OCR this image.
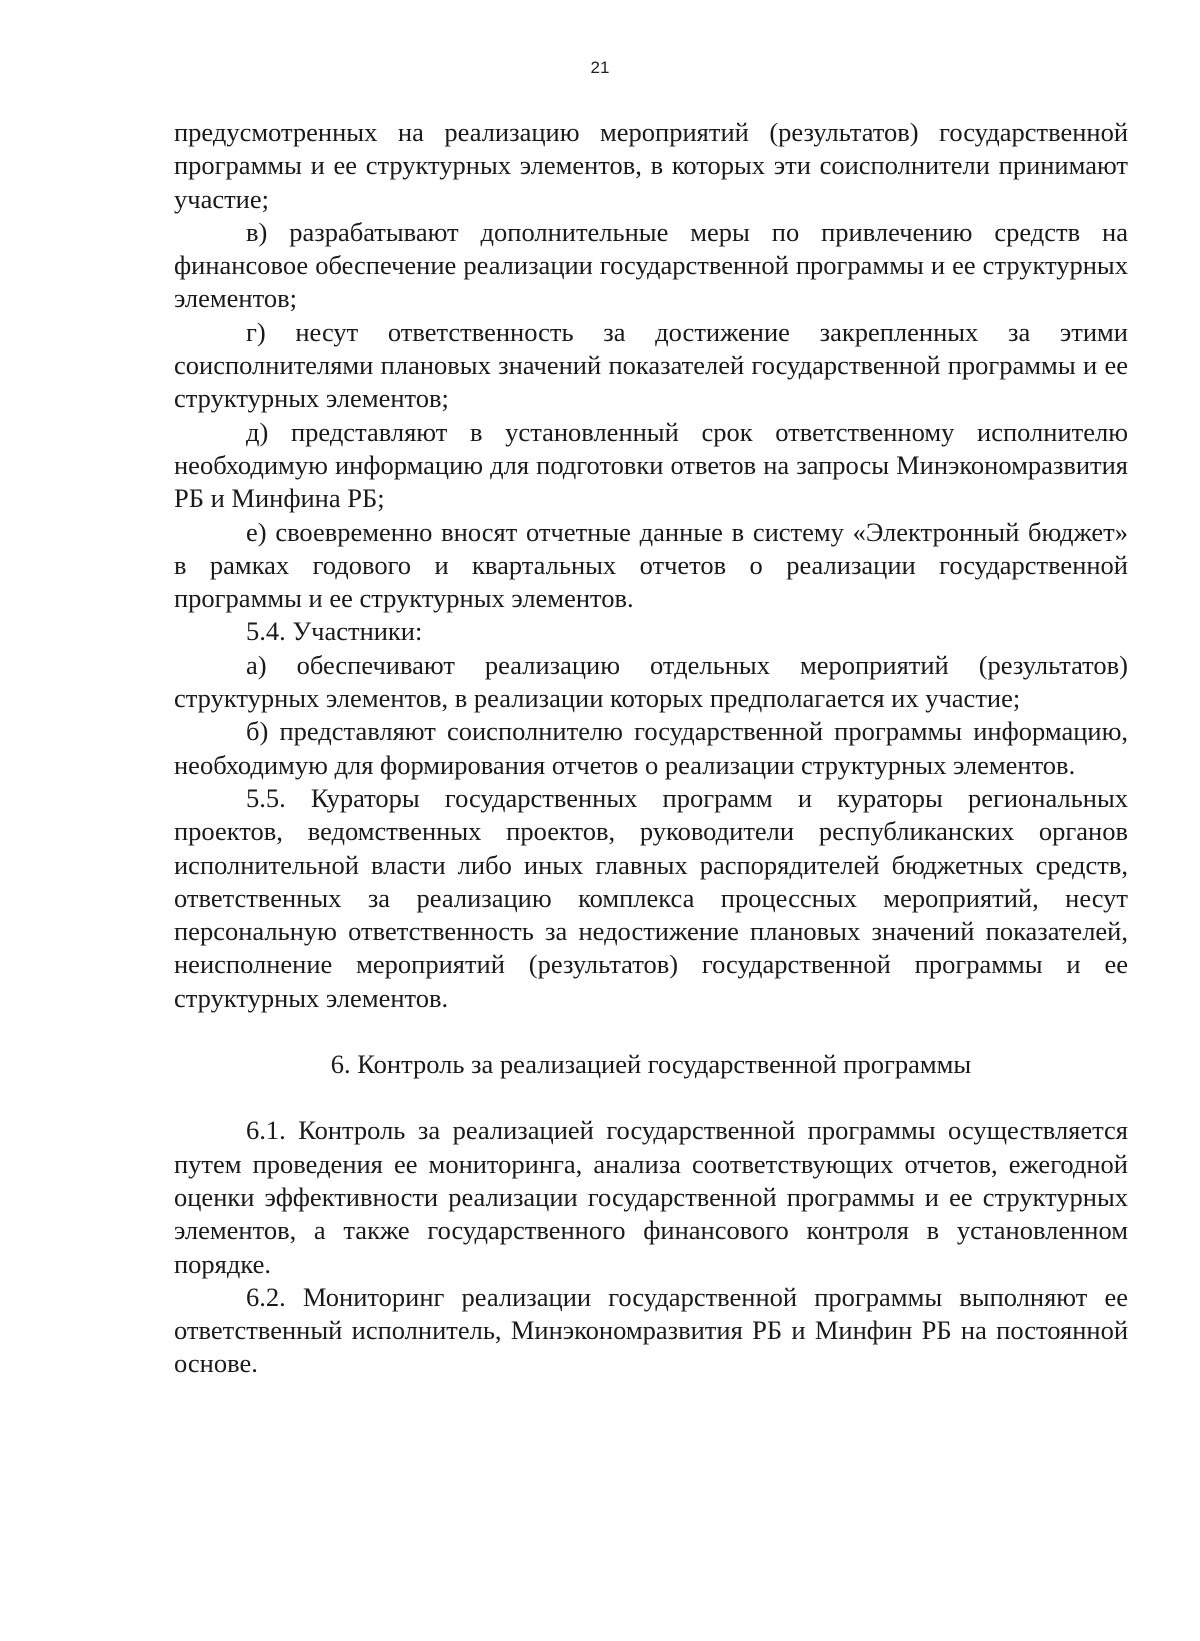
21

предусмотренных на реализацию мероприятий (результатов) государственной программы и ее структурных элементов, в которых эти соисполнители принимают участие;

в) разрабатывают дополнительные меры по привлечению средств на финансовое обеспечение реализации государственной программы и ее структурных элементов;

г) несут ответственность за достижение закрепленных за этими соисполнителями плановых значений показателей государственной программы и ее структурных элементов;

д) представляют в установленный срок ответственному исполнителю необходимую информацию для подготовки ответов на запросы Минэкономразвития РБ и Минфина РБ;

е) своевременно вносят отчетные данные в систему «Электронный бюджет» в рамках годового и квартальных отчетов о реализации государственной программы и ее структурных элементов.

5.4. Участники:

а) обеспечивают реализацию отдельных мероприятий (результатов) структурных элементов, в реализации которых предполагается их участие;

б) представляют соисполнителю государственной программы информацию, необходимую для формирования отчетов о реализации структурных элементов.

5.5. Кураторы государственных программ и кураторы региональных проектов, ведомственных проектов, руководители республиканских органов исполнительной власти либо иных главных распорядителей бюджетных средств, ответственных за реализацию комплекса процессных мероприятий, несут персональную ответственность за недостижение плановых значений показателей, неисполнение мероприятий (результатов) государственной программы и ее структурных элементов.

6. Контроль за реализацией государственной программы

6.1. Контроль за реализацией государственной программы осуществляется путем проведения ее мониторинга, анализа соответствующих отчетов, ежегодной оценки эффективности реализации государственной программы и ее структурных элементов, а также государственного финансового контроля в установленном порядке.

6.2. Мониторинг реализации государственной программы выполняют ее ответственный исполнитель, Минэкономразвития РБ и Минфин РБ на постоянной основе.
